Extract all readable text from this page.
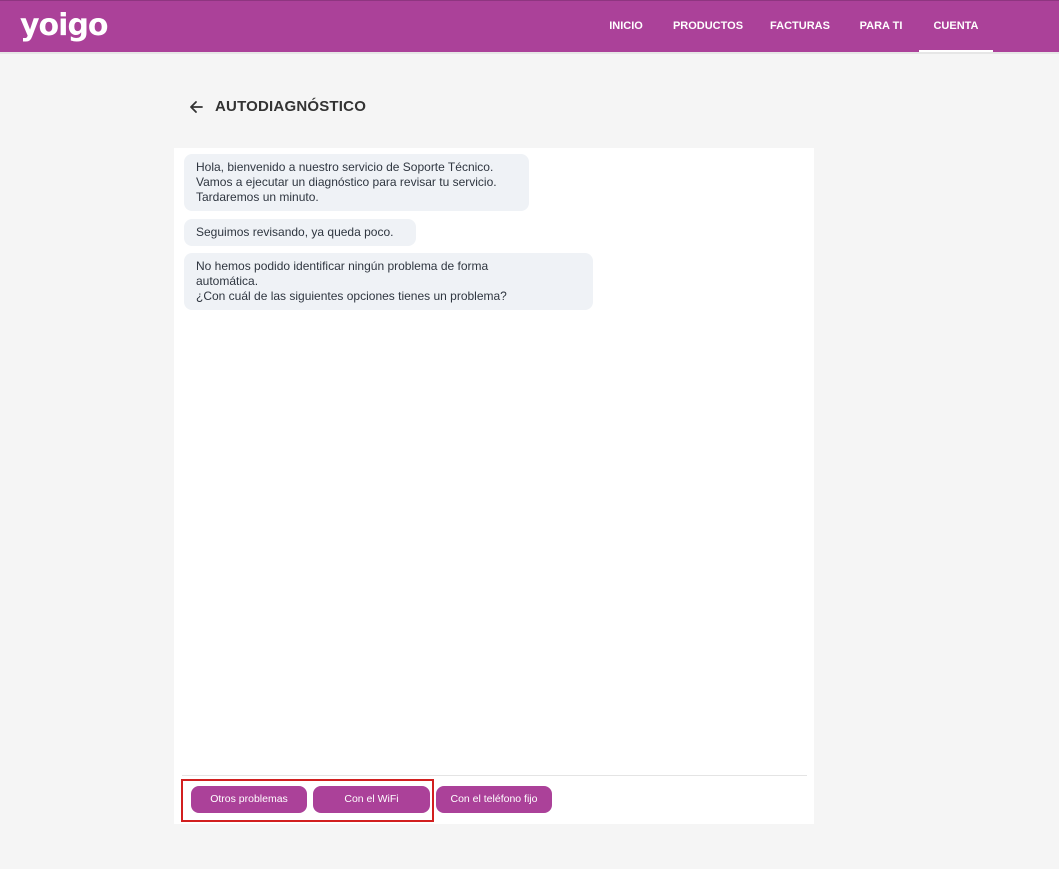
yoigo	INICIO	PRODUCTOS	FACTURAS	PARA TI	CUENTA
AUTODIAGNÓSTICO
Hola, bienvenido a nuestro servicio de Soporte Técnico.
Vamos a ejecutar un diagnóstico para revisar tu servicio.
Tardaremos un minuto.
Seguimos revisando, ya queda poco.
No hemos podido identificar ningún problema de forma
automática.
¿Con cuál de las siguientes opciones tienes un problema?
Otros problemas	Con el WiFi	Con el teléfono fijo
